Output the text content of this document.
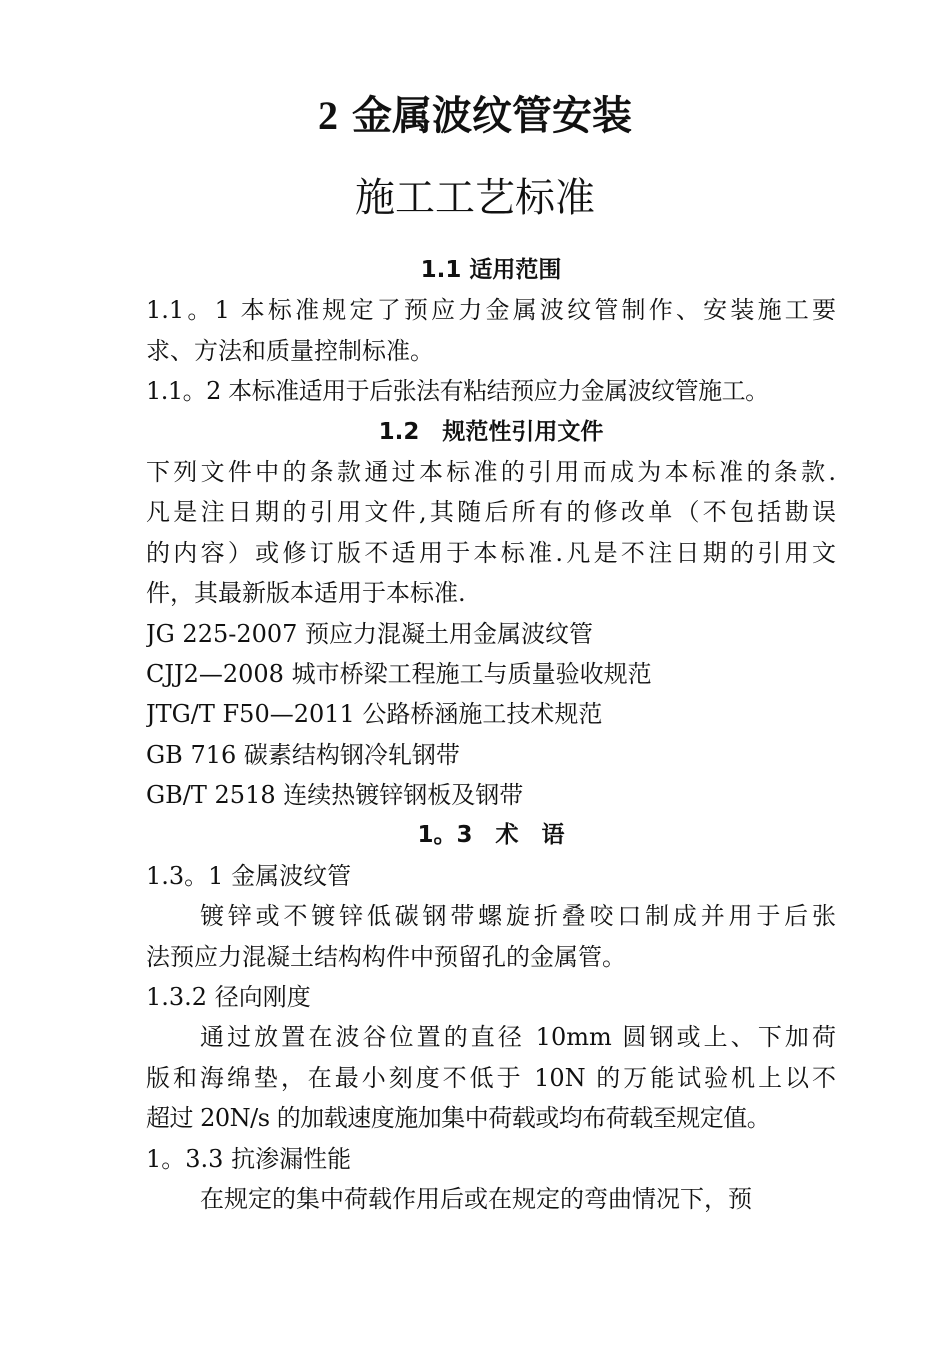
2 金属波纹管安装
施工工艺标准
1.1 适用范围
1.1。1 本标准规定了预应力金属波纹管制作、安装施工要
求、方法和质量控制标准。
1.1。2 本标准适用于后张法有粘结预应力金属波纹管施工。
1.2　规范性引用文件
下列文件中的条款通过本标准的引用而成为本标准的条款.
凡是注日期的引用文件,其随后所有的修改单（不包括勘误
的内容）或修订版不适用于本标准.凡是不注日期的引用文
件，其最新版本适用于本标准.
JG 225-2007 预应力混凝土用金属波纹管
CJJ2—2008 城市桥梁工程施工与质量验收规范
JTG/T F50—2011 公路桥涵施工技术规范
GB 716 碳素结构钢冷轧钢带
GB/T 2518 连续热镀锌钢板及钢带
1。3　术　语
1.3。1 金属波纹管
镀锌或不镀锌低碳钢带螺旋折叠咬口制成并用于后张
法预应力混凝土结构构件中预留孔的金属管。
1.3.2 径向刚度
通过放置在波谷位置的直径 10mm 圆钢或上、下加荷
版和海绵垫，在最小刻度不低于 10N 的万能试验机上以不
超过 20N/s 的加载速度施加集中荷载或均布荷载至规定值。
1。3.3 抗渗漏性能
在规定的集中荷载作用后或在规定的弯曲情况下，预
